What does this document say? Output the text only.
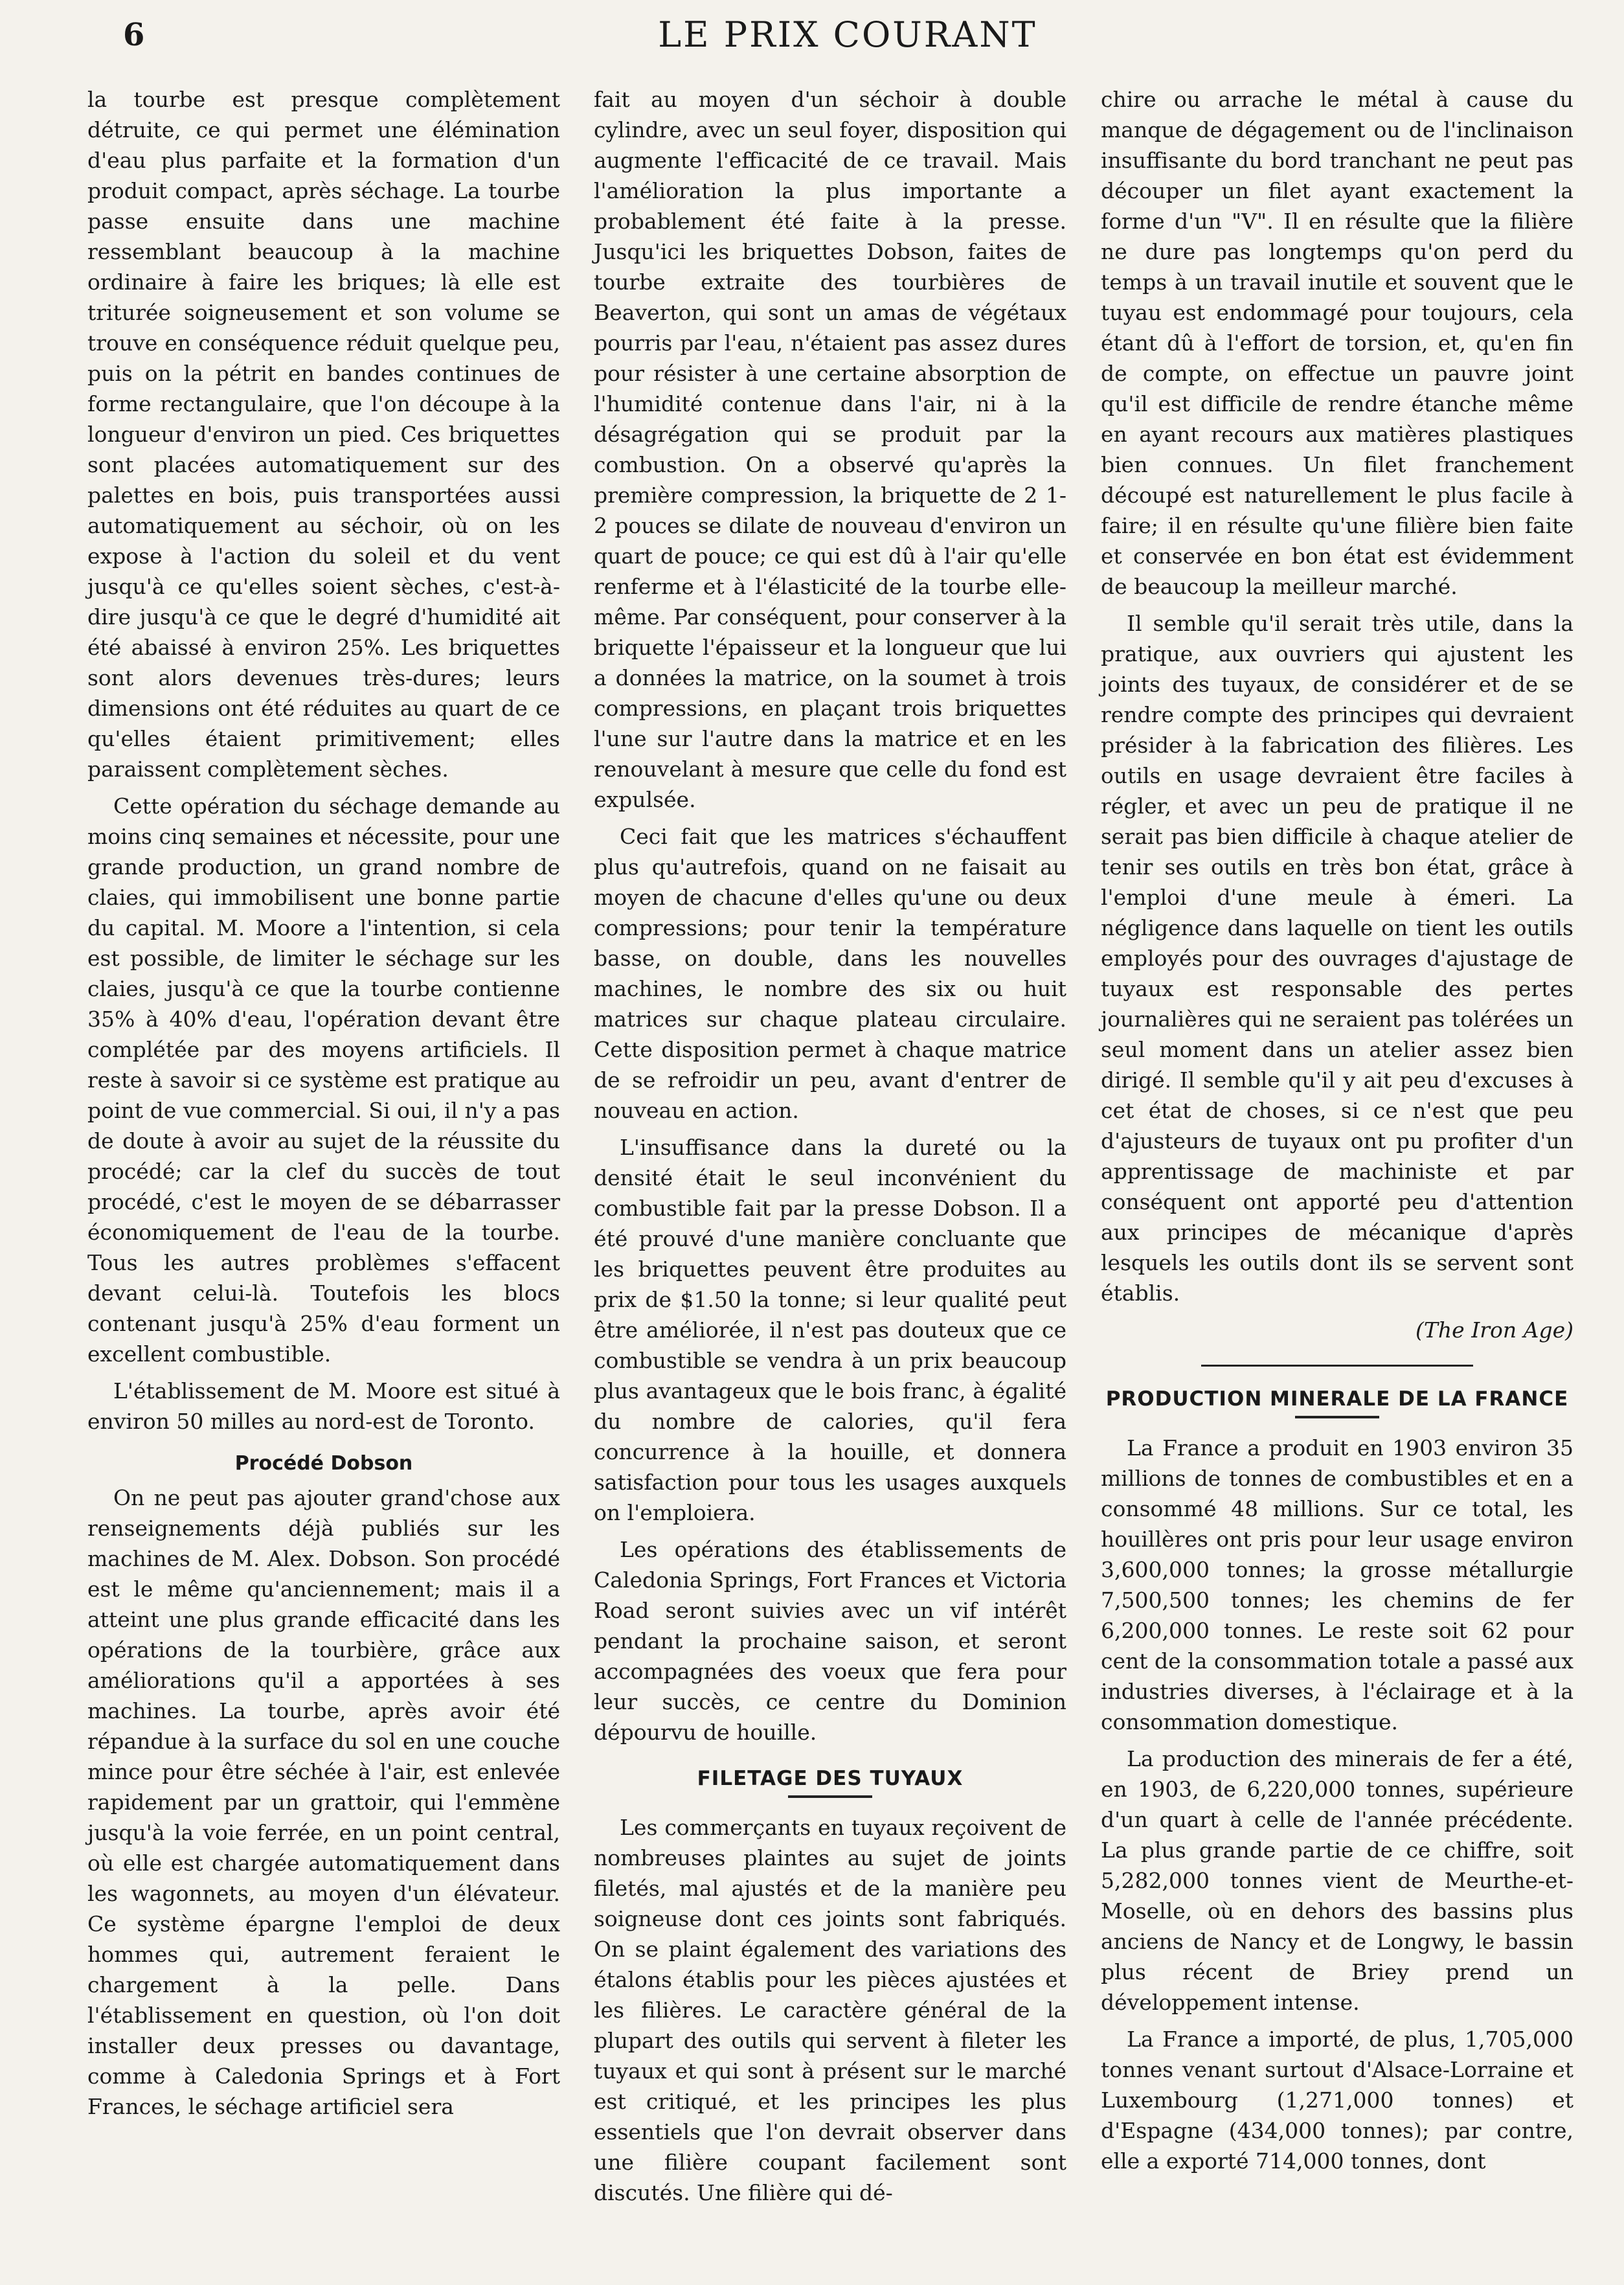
6	LE PRIX COURANT

la tourbe est presque complètement détruite, ce qui permet une élémination d'eau plus parfaite et la formation d'un produit compact, après séchage. La tourbe passe ensuite dans une machine ressemblant beaucoup à la machine ordinaire à faire les briques; là elle est triturée soigneusement et son volume se trouve en conséquence réduit quelque peu, puis on la pétrit en bandes continues de forme rectangulaire, que l'on découpe à la longueur d'environ un pied. Ces briquettes sont placées automatiquement sur des palettes en bois, puis transportées aussi automatiquement au séchoir, où on les expose à l'action du soleil et du vent jusqu'à ce qu'elles soient sèches, c'est-à-dire jusqu'à ce que le degré d'humidité ait été abaissé à environ 25%. Les briquettes sont alors devenues très-dures; leurs dimensions ont été réduites au quart de ce qu'elles étaient primitivement; elles paraissent complètement sèches.

Cette opération du séchage demande au moins cinq semaines et nécessite, pour une grande production, un grand nombre de claies, qui immobilisent une bonne partie du capital. M. Moore a l'intention, si cela est possible, de limiter le séchage sur les claies, jusqu'à ce que la tourbe contienne 35% à 40% d'eau, l'opération devant être complétée par des moyens artificiels. Il reste à savoir si ce système est pratique au point de vue commercial. Si oui, il n'y a pas de doute à avoir au sujet de la réussite du procédé; car la clef du succès de tout procédé, c'est le moyen de se débarrasser économiquement de l'eau de la tourbe. Tous les autres problèmes s'effacent devant celui-là. Toutefois les blocs contenant jusqu'à 25% d'eau forment un excellent combustible.

L'établissement de M. Moore est situé à environ 50 milles au nord-est de Toronto.

Procédé Dobson

On ne peut pas ajouter grand'chose aux renseignements déjà publiés sur les machines de M. Alex. Dobson. Son procédé est le même qu'anciennement; mais il a atteint une plus grande efficacité dans les opérations de la tourbière, grâce aux améliorations qu'il a apportées à ses machines. La tourbe, après avoir été répandue à la surface du sol en une couche mince pour être séchée à l'air, est enlevée rapidement par un grattoir, qui l'emmène jusqu'à la voie ferrée, en un point central, où elle est chargée automatiquement dans les wagonnets, au moyen d'un élévateur. Ce système épargne l'emploi de deux hommes qui, autrement feraient le chargement à la pelle. Dans l'établissement en question, où l'on doit installer deux presses ou davantage, comme à Caledonia Springs et à Fort Frances, le séchage artificiel sera

fait au moyen d'un séchoir à double cylindre, avec un seul foyer, disposition qui augmente l'efficacité de ce travail. Mais l'amélioration la plus importante a probablement été faite à la presse. Jusqu'ici les briquettes Dobson, faites de tourbe extraite des tourbières de Beaverton, qui sont un amas de végétaux pourris par l'eau, n'étaient pas assez dures pour résister à une certaine absorption de l'humidité contenue dans l'air, ni à la désagrégation qui se produit par la combustion. On a observé qu'après la première compression, la briquette de 2 1-2 pouces se dilate de nouveau d'environ un quart de pouce; ce qui est dû à l'air qu'elle renferme et à l'élasticité de la tourbe elle-même. Par conséquent, pour conserver à la briquette l'épaisseur et la longueur que lui a données la matrice, on la soumet à trois compressions, en plaçant trois briquettes l'une sur l'autre dans la matrice et en les renouvelant à mesure que celle du fond est expulsée.

Ceci fait que les matrices s'échauffent plus qu'autrefois, quand on ne faisait au moyen de chacune d'elles qu'une ou deux compressions; pour tenir la température basse, on double, dans les nouvelles machines, le nombre des six ou huit matrices sur chaque plateau circulaire. Cette disposition permet à chaque matrice de se refroidir un peu, avant d'entrer de nouveau en action.

L'insuffisance dans la dureté ou la densité était le seul inconvénient du combustible fait par la presse Dobson. Il a été prouvé d'une manière concluante que les briquettes peuvent être produites au prix de $1.50 la tonne; si leur qualité peut être améliorée, il n'est pas douteux que ce combustible se vendra à un prix beaucoup plus avantageux que le bois franc, à égalité du nombre de calories, qu'il fera concurrence à la houille, et donnera satisfaction pour tous les usages auxquels on l'emploiera.

Les opérations des établissements de Caledonia Springs, Fort Frances et Victoria Road seront suivies avec un vif intérêt pendant la prochaine saison, et seront accompagnées des voeux que fera pour leur succès, ce centre du Dominion dépourvu de houille.

FILETAGE DES TUYAUX

Les commerçants en tuyaux reçoivent de nombreuses plaintes au sujet de joints filetés, mal ajustés et de la manière peu soigneuse dont ces joints sont fabriqués. On se plaint également des variations des étalons établis pour les pièces ajustées et les filières. Le caractère général de la plupart des outils qui servent à fileter les tuyaux et qui sont à présent sur le marché est critiqué, et les principes les plus essentiels que l'on devrait observer dans une filière coupant facilement sont discutés. Une filière qui dé-

chire ou arrache le métal à cause du manque de dégagement ou de l'inclinaison insuffisante du bord tranchant ne peut pas découper un filet ayant exactement la forme d'un "V". Il en résulte que la filière ne dure pas longtemps qu'on perd du temps à un travail inutile et souvent que le tuyau est endommagé pour toujours, cela étant dû à l'effort de torsion, et, qu'en fin de compte, on effectue un pauvre joint qu'il est difficile de rendre étanche même en ayant recours aux matières plastiques bien connues. Un filet franchement découpé est naturellement le plus facile à faire; il en résulte qu'une filière bien faite et conservée en bon état est évidemment de beaucoup la meilleur marché.

Il semble qu'il serait très utile, dans la pratique, aux ouvriers qui ajustent les joints des tuyaux, de considérer et de se rendre compte des principes qui devraient présider à la fabrication des filières. Les outils en usage devraient être faciles à régler, et avec un peu de pratique il ne serait pas bien difficile à chaque atelier de tenir ses outils en très bon état, grâce à l'emploi d'une meule à émeri. La négligence dans laquelle on tient les outils employés pour des ouvrages d'ajustage de tuyaux est responsable des pertes journalières qui ne seraient pas tolérées un seul moment dans un atelier assez bien dirigé. Il semble qu'il y ait peu d'excuses à cet état de choses, si ce n'est que peu d'ajusteurs de tuyaux ont pu profiter d'un apprentissage de machiniste et par conséquent ont apporté peu d'attention aux principes de mécanique d'après lesquels les outils dont ils se servent sont établis.

(The Iron Age)

PRODUCTION MINERALE DE LA FRANCE

La France a produit en 1903 environ 35 millions de tonnes de combustibles et en a consommé 48 millions. Sur ce total, les houillères ont pris pour leur usage environ 3,600,000 tonnes; la grosse métallurgie 7,500,500 tonnes; les chemins de fer 6,200,000 tonnes. Le reste soit 62 pour cent de la consommation totale a passé aux industries diverses, à l'éclairage et à la consommation domestique.

La production des minerais de fer a été, en 1903, de 6,220,000 tonnes, supérieure d'un quart à celle de l'année précédente. La plus grande partie de ce chiffre, soit 5,282,000 tonnes vient de Meurthe-et-Moselle, où en dehors des bassins plus anciens de Nancy et de Longwy, le bassin plus récent de Briey prend un développement intense.

La France a importé, de plus, 1,705,000 tonnes venant surtout d'Alsace-Lorraine et Luxembourg (1,271,000 tonnes) et d'Espagne (434,000 tonnes); par contre, elle a exporté 714,000 tonnes, dont
